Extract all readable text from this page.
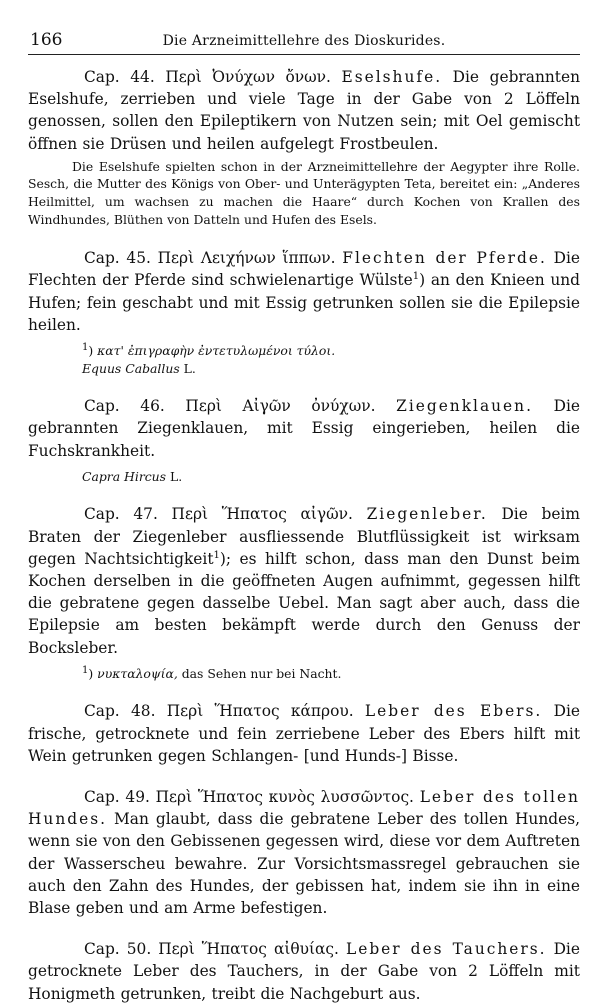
166	Die Arzneimittellehre des Dioskurides.

Cap. 44. Περὶ Ὀνύχων ὄνων. Eselshufe. Die gebrannten Eselshufe, zerrieben und viele Tage in der Gabe von 2 Löffeln genossen, sollen den Epileptikern von Nutzen sein; mit Oel gemischt öffnen sie Drüsen und heilen aufgelegt Frostbeulen.

Die Eselshufe spielten schon in der Arzneimittellehre der Aegypter ihre Rolle. Sesch, die Mutter des Königs von Ober- und Unterägypten Teta, bereitet ein: „Anderes Heilmittel, um wachsen zu machen die Haare“ durch Kochen von Krallen des Windhundes, Blüthen von Datteln und Hufen des Esels.

Cap. 45. Περὶ Λειχήνων ἵππων. Flechten der Pferde. Die Flechten der Pferde sind schwielenartige Wülste$^1$) an den Knieen und Hufen; fein geschabt und mit Essig getrunken sollen sie die Epilepsie heilen.

$^1$) κατ' ἐπιγραφὴν ἐντετυλωμένοι τύλοι.

Equus Caballus L.

Cap. 46. Περὶ Αἰγῶν ὀνύχων. Ziegenklauen. Die gebrannten Ziegenklauen, mit Essig eingerieben, heilen die Fuchskrankheit.

Capra Hircus L.

Cap. 47. Περὶ Ἥπατος αἰγῶν. Ziegenleber. Die beim Braten der Ziegenleber ausfliessende Blutflüssigkeit ist wirksam gegen Nachtsichtigkeit$^1$); es hilft schon, dass man den Dunst beim Kochen derselben in die geöffneten Augen aufnimmt, gegessen hilft die gebratene gegen dasselbe Uebel. Man sagt aber auch, dass die Epilepsie am besten bekämpft werde durch den Genuss der Bocksleber.

$^1$) νυκταλοψία, das Sehen nur bei Nacht.

Cap. 48. Περὶ Ἥπατος κάπρου. Leber des Ebers. Die frische, getrocknete und fein zerriebene Leber des Ebers hilft mit Wein getrunken gegen Schlangen- [und Hunds-] Bisse.

Cap. 49. Περὶ Ἥπατος κυνὸς λυσσῶντος. Leber des tollen Hundes. Man glaubt, dass die gebratene Leber des tollen Hundes, wenn sie von den Gebissenen gegessen wird, diese vor dem Auftreten der Wasserscheu bewahre. Zur Vorsichtsmassregel gebrauchen sie auch den Zahn des Hundes, der gebissen hat, indem sie ihn in eine Blase geben und am Arme befestigen.

Cap. 50. Περὶ Ἥπατος αἰθυίας. Leber des Tauchers. Die getrocknete Leber des Tauchers, in der Gabe von 2 Löffeln mit Honigmeth getrunken, treibt die Nachgeburt aus.
